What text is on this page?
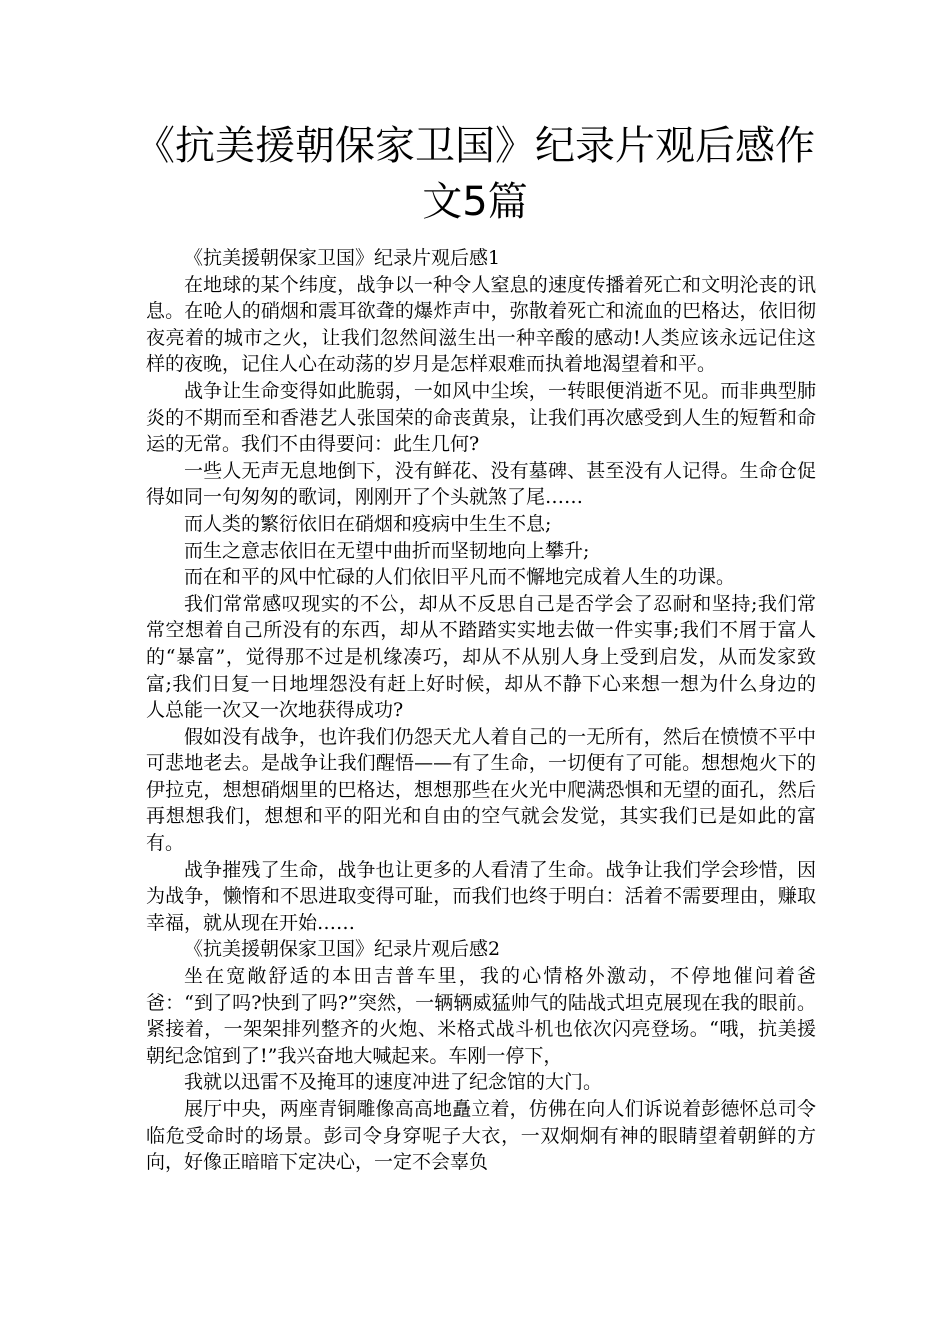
《抗美援朝保家卫国》纪录片观后感作文5篇

《抗美援朝保家卫国》纪录片观后感1

在地球的某个纬度，战争以一种令人窒息的速度传播着死亡和文明沦丧的讯息。在呛人的硝烟和震耳欲聋的爆炸声中，弥散着死亡和流血的巴格达，依旧彻夜亮着的城市之火，让我们忽然间滋生出一种辛酸的感动!人类应该永远记住这样的夜晚，记住人心在动荡的岁月是怎样艰难而执着地渴望着和平。

战争让生命变得如此脆弱，一如风中尘埃，一转眼便消逝不见。而非典型肺炎的不期而至和香港艺人张国荣的命丧黄泉，让我们再次感受到人生的短暂和命运的无常。我们不由得要问：此生几何?

一些人无声无息地倒下，没有鲜花、没有墓碑、甚至没有人记得。生命仓促得如同一句匆匆的歌词，刚刚开了个头就煞了尾……

而人类的繁衍依旧在硝烟和疫病中生生不息;

而生之意志依旧在无望中曲折而坚韧地向上攀升;

而在和平的风中忙碌的人们依旧平凡而不懈地完成着人生的功课。

我们常常感叹现实的不公，却从不反思自己是否学会了忍耐和坚持;我们常常空想着自己所没有的东西，却从不踏踏实实地去做一件实事;我们不屑于富人的“暴富”，觉得那不过是机缘凑巧，却从不从别人身上受到启发，从而发家致富;我们日复一日地埋怨没有赶上好时候，却从不静下心来想一想为什么身边的人总能一次又一次地获得成功?

假如没有战争，也许我们仍怨天尤人着自己的一无所有，然后在愤愤不平中可悲地老去。是战争让我们醒悟——有了生命，一切便有了可能。想想炮火下的伊拉克，想想硝烟里的巴格达，想想那些在火光中爬满恐惧和无望的面孔，然后再想想我们，想想和平的阳光和自由的空气就会发觉，其实我们已是如此的富有。

战争摧残了生命，战争也让更多的人看清了生命。战争让我们学会珍惜，因为战争，懒惰和不思进取变得可耻，而我们也终于明白：活着不需要理由，赚取幸福，就从现在开始……

《抗美援朝保家卫国》纪录片观后感2

坐在宽敞舒适的本田吉普车里，我的心情格外激动，不停地催问着爸爸：“到了吗?快到了吗?”突然，一辆辆威猛帅气的陆战式坦克展现在我的眼前。紧接着，一架架排列整齐的火炮、米格式战斗机也依次闪亮登场。“哦，抗美援朝纪念馆到了!”我兴奋地大喊起来。车刚一停下，

我就以迅雷不及掩耳的速度冲进了纪念馆的大门。

展厅中央，两座青铜雕像高高地矗立着，仿佛在向人们诉说着彭德怀总司令临危受命时的场景。彭司令身穿呢子大衣，一双炯炯有神的眼睛望着朝鲜的方向，好像正暗暗下定决心，一定不会辜负
